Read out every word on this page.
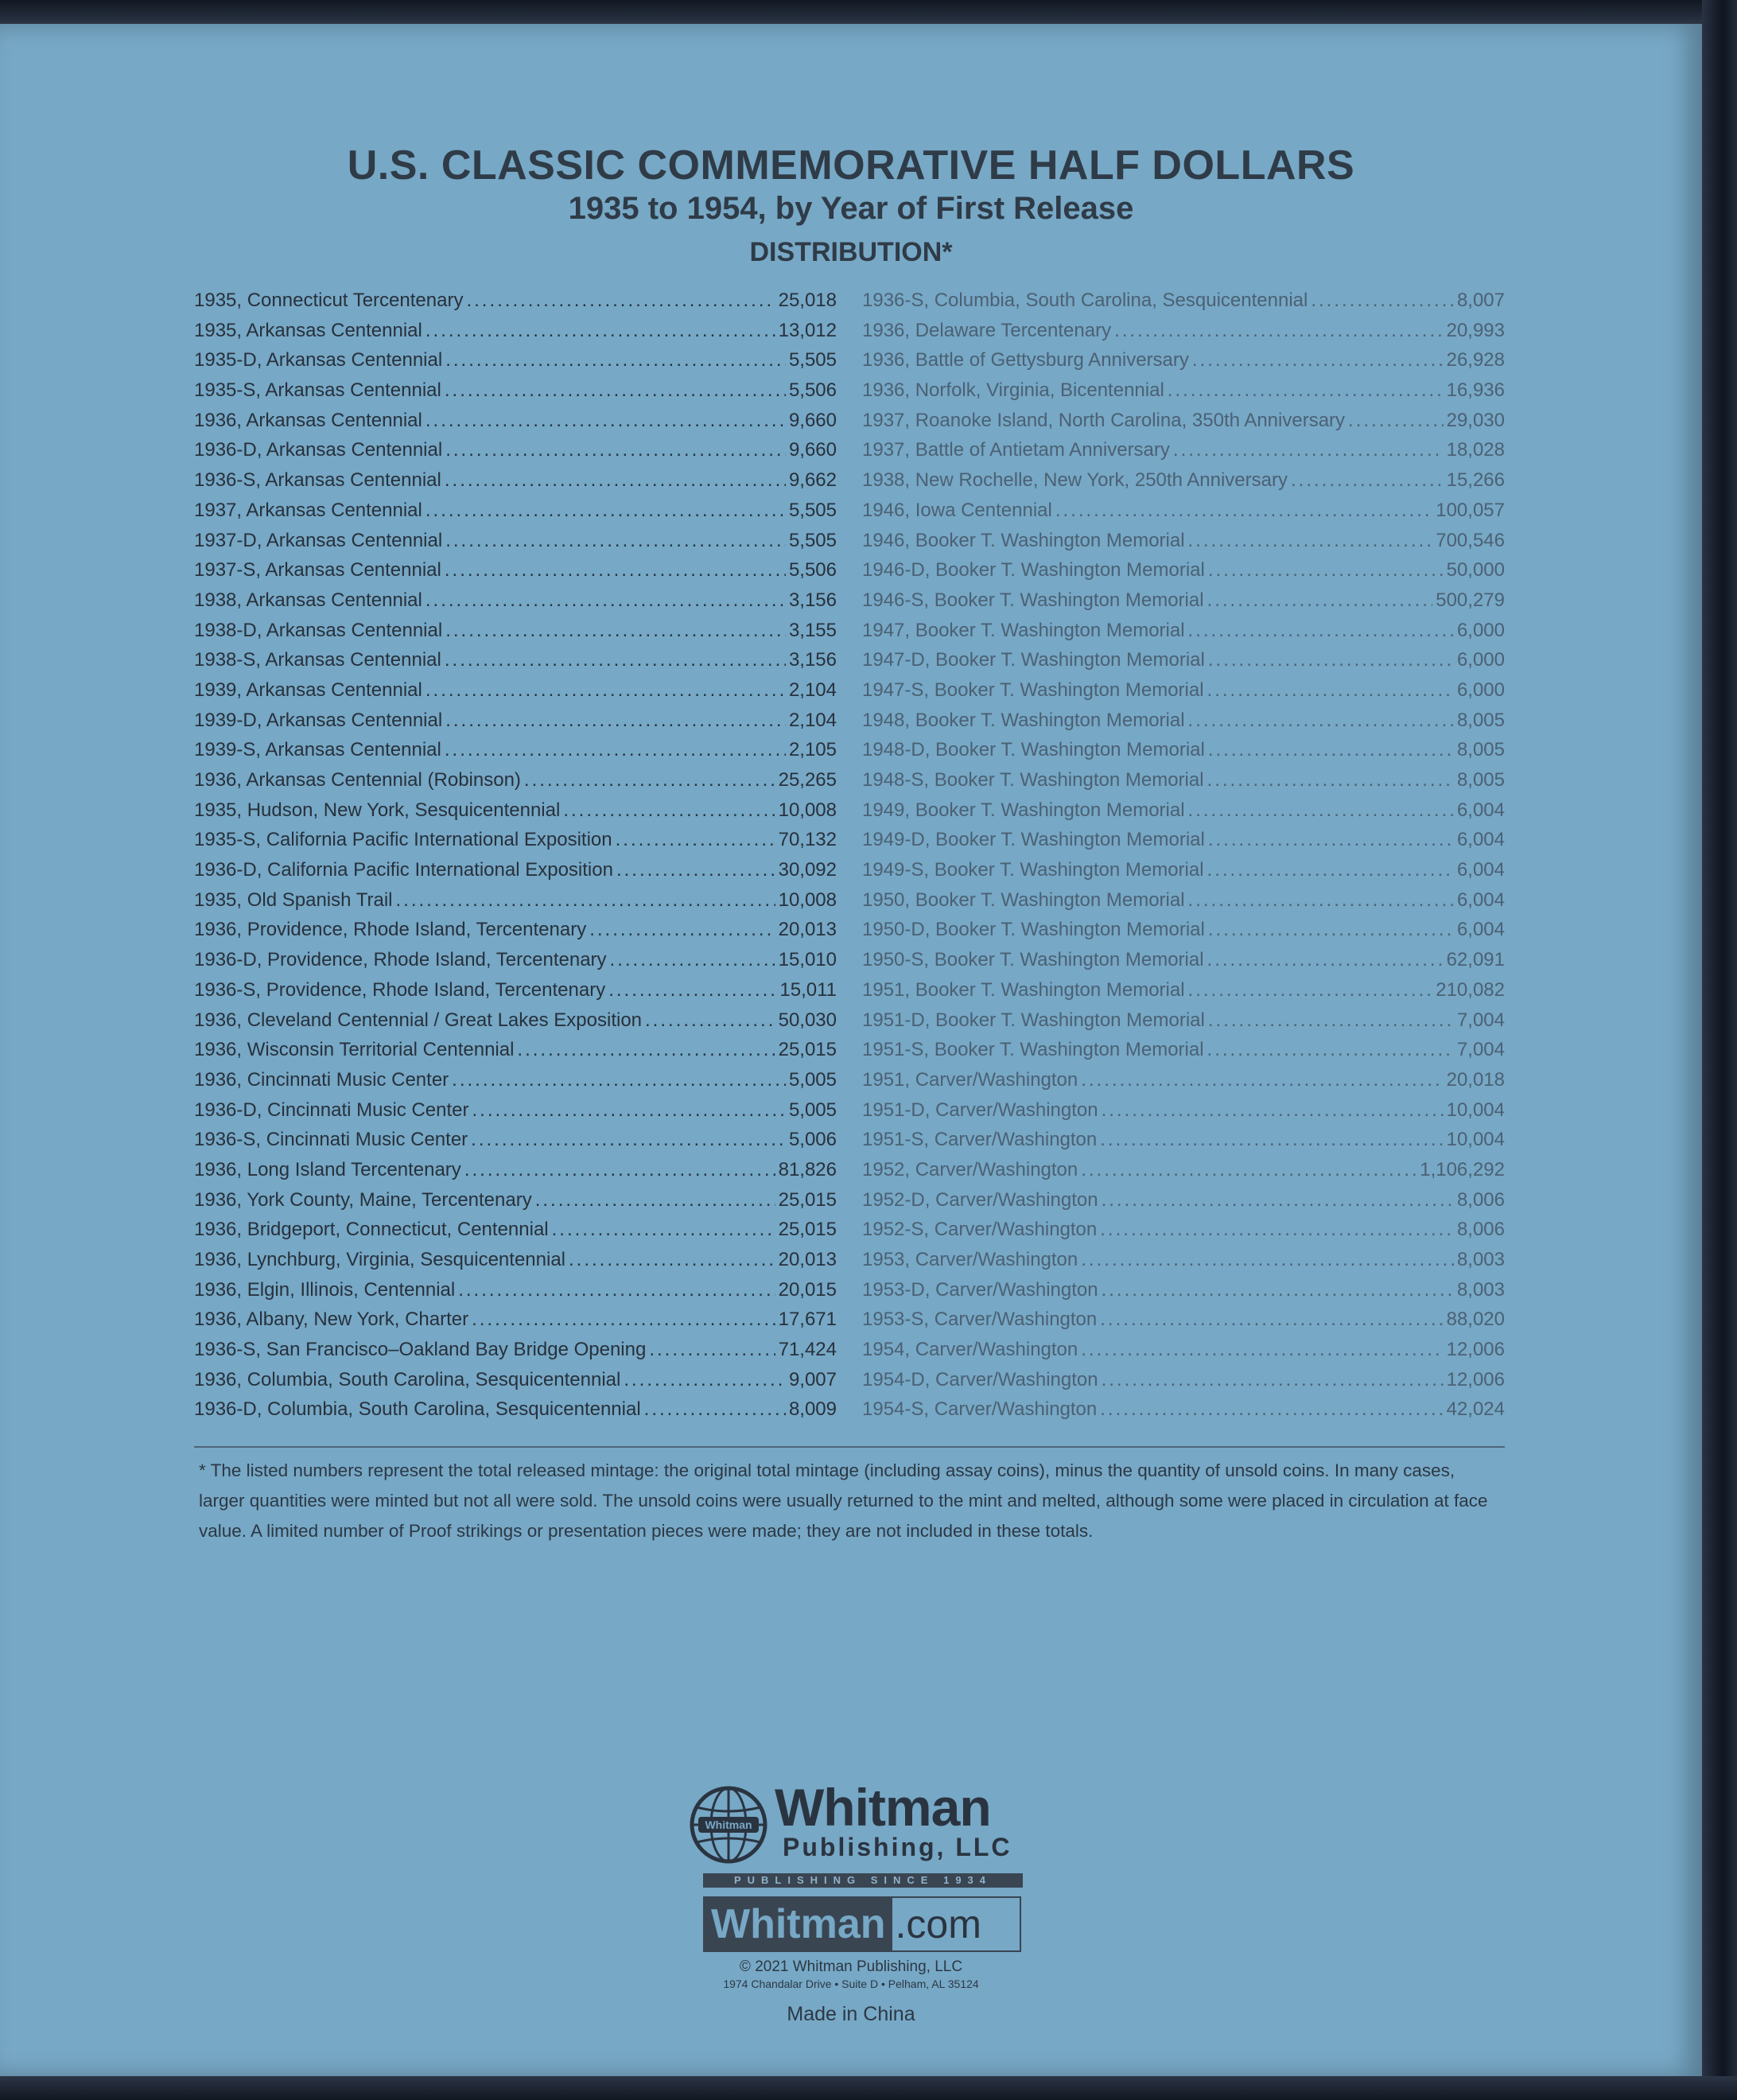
U.S. CLASSIC COMMEMORATIVE HALF DOLLARS
1935 to 1954, by Year of First Release
DISTRIBUTION*
1935, Connecticut Tercentenary .....	25,018
1935, Arkansas Centennial .....	13,012
1935-D, Arkansas Centennial .....	5,505
1935-S, Arkansas Centennial .....	5,506
1936, Arkansas Centennial .....	9,660
1936-D, Arkansas Centennial .....	9,660
1936-S, Arkansas Centennial .....	9,662
1937, Arkansas Centennial .....	5,505
1937-D, Arkansas Centennial .....	5,505
1937-S, Arkansas Centennial .....	5,506
1938, Arkansas Centennial .....	3,156
1938-D, Arkansas Centennial .....	3,155
1938-S, Arkansas Centennial .....	3,156
1939, Arkansas Centennial .....	2,104
1939-D, Arkansas Centennial .....	2,104
1939-S, Arkansas Centennial .....	2,105
1936, Arkansas Centennial (Robinson) .....	25,265
1935, Hudson, New York, Sesquicentennial .....	10,008
1935-S, California Pacific International Exposition .....	70,132
1936-D, California Pacific International Exposition .....	30,092
1935, Old Spanish Trail .....	10,008
1936, Providence, Rhode Island, Tercentenary .....	20,013
1936-D, Providence, Rhode Island, Tercentenary .....	15,010
1936-S, Providence, Rhode Island, Tercentenary .....	15,011
1936, Cleveland Centennial / Great Lakes Exposition .....	50,030
1936, Wisconsin Territorial Centennial .....	25,015
1936, Cincinnati Music Center .....	5,005
1936-D, Cincinnati Music Center .....	5,005
1936-S, Cincinnati Music Center .....	5,006
1936, Long Island Tercentenary .....	81,826
1936, York County, Maine, Tercentenary .....	25,015
1936, Bridgeport, Connecticut, Centennial .....	25,015
1936, Lynchburg, Virginia, Sesquicentennial .....	20,013
1936, Elgin, Illinois, Centennial .....	20,015
1936, Albany, New York, Charter .....	17,671
1936-S, San Francisco–Oakland Bay Bridge Opening .....	71,424
1936, Columbia, South Carolina, Sesquicentennial .....	9,007
1936-D, Columbia, South Carolina, Sesquicentennial .....	8,009
1936-S, Columbia, South Carolina, Sesquicentennial .....	8,007
1936, Delaware Tercentenary .....	20,993
1936, Battle of Gettysburg Anniversary .....	26,928
1936, Norfolk, Virginia, Bicentennial .....	16,936
1937, Roanoke Island, North Carolina, 350th Anniversary .....	29,030
1937, Battle of Antietam Anniversary .....	18,028
1938, New Rochelle, New York, 250th Anniversary .....	15,266
1946, Iowa Centennial .....	100,057
1946, Booker T. Washington Memorial .....	700,546
1946-D, Booker T. Washington Memorial .....	50,000
1946-S, Booker T. Washington Memorial .....	500,279
1947, Booker T. Washington Memorial .....	6,000
1947-D, Booker T. Washington Memorial .....	6,000
1947-S, Booker T. Washington Memorial .....	6,000
1948, Booker T. Washington Memorial .....	8,005
1948-D, Booker T. Washington Memorial .....	8,005
1948-S, Booker T. Washington Memorial .....	8,005
1949, Booker T. Washington Memorial .....	6,004
1949-D, Booker T. Washington Memorial .....	6,004
1949-S, Booker T. Washington Memorial .....	6,004
1950, Booker T. Washington Memorial .....	6,004
1950-D, Booker T. Washington Memorial .....	6,004
1950-S, Booker T. Washington Memorial .....	62,091
1951, Booker T. Washington Memorial .....	210,082
1951-D, Booker T. Washington Memorial .....	7,004
1951-S, Booker T. Washington Memorial .....	7,004
1951, Carver/Washington .....	20,018
1951-D, Carver/Washington .....	10,004
1951-S, Carver/Washington .....	10,004
1952, Carver/Washington .....	1,106,292
1952-D, Carver/Washington .....	8,006
1952-S, Carver/Washington .....	8,006
1953, Carver/Washington .....	8,003
1953-D, Carver/Washington .....	8,003
1953-S, Carver/Washington .....	88,020
1954, Carver/Washington .....	12,006
1954-D, Carver/Washington .....	12,006
1954-S, Carver/Washington .....	42,024

* The listed numbers represent the total released mintage: the original total mintage (including assay coins), minus the quantity of unsold coins. In many cases, larger quantities were minted but not all were sold. The unsold coins were usually returned to the mint and melted, although some were placed in circulation at face value. A limited number of Proof strikings or presentation pieces were made; they are not included in these totals.

Whitman Whitman
Publishing, LLC
PUBLISHING SINCE 1934
Whitman .com
© 2021 Whitman Publishing, LLC
1974 Chandalar Drive • Suite D • Pelham, AL 35124
Made in China
